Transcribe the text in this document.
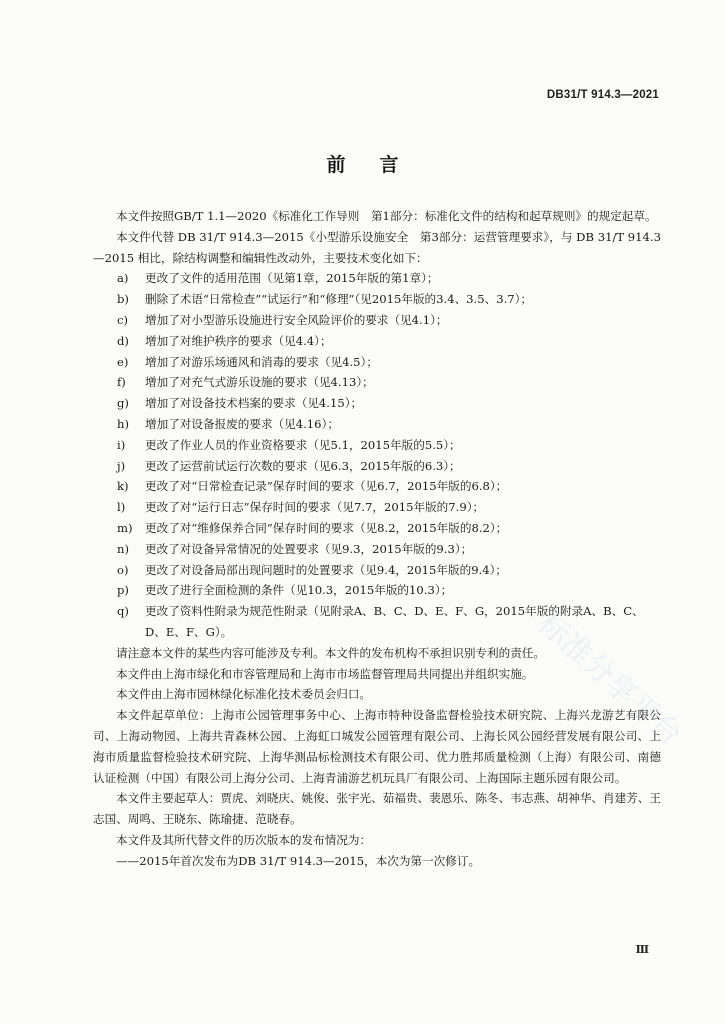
DB31/T 914.3—2021
前言

本文件按照GB/T 1.1—2020《标准化工作导则　第1部分：标准化文件的结构和起草规则》的规定起草。

本文件代替 DB 31/T 914.3—2015《小型游乐设施安全　第3部分：运营管理要求》，与 DB 31/T 914.3—2015 相比，除结构调整和编辑性改动外，主要技术变化如下：

a)	更改了文件的适用范围（见第1章，2015年版的第1章）；
b)	删除了术语“日常检查”“试运行”和“修理”（见2015年版的3.4、3.5、3.7）；
c)	增加了对小型游乐设施进行安全风险评价的要求（见4.1）；
d)	增加了对维护秩序的要求（见4.4）；
e)	增加了对游乐场通风和消毒的要求（见4.5）；
f)	增加了对充气式游乐设施的要求（见4.13）；
g)	增加了对设备技术档案的要求（见4.15）；
h)	增加了对设备报废的要求（见4.16）；
i)	更改了作业人员的作业资格要求（见5.1，2015年版的5.5）；
j)	更改了运营前试运行次数的要求（见6.3，2015年版的6.3）；
k)	更改了对“日常检查记录”保存时间的要求（见6.7，2015年版的6.8）；
l)	更改了对“运行日志”保存时间的要求（见7.7，2015年版的7.9）；
m)	更改了对“维修保养合同”保存时间的要求（见8.2，2015年版的8.2）；
n)	更改了对设备异常情况的处置要求（见9.3，2015年版的9.3）；
o)	更改了对设备局部出现问题时的处置要求（见9.4，2015年版的9.4）；
p)	更改了进行全面检测的条件（见10.3，2015年版的10.3）；
q)	更改了资料性附录为规范性附录（见附录A、B、C、D、E、F、G，2015年版的附录A、B、C、D、E、F、G）。

请注意本文件的某些内容可能涉及专利。本文件的发布机构不承担识别专利的责任。

本文件由上海市绿化和市容管理局和上海市市场监督管理局共同提出并组织实施。

本文件由上海市园林绿化标准化技术委员会归口。

本文件起草单位：上海市公园管理事务中心、上海市特种设备监督检验技术研究院、上海兴龙游艺有限公司、上海动物园、上海共青森林公园、上海虹口城发公园管理有限公司、上海长风公园经营发展有限公司、上海市质量监督检验技术研究院、上海华测品标检测技术有限公司、优力胜邦质量检测（上海）有限公司、南德认证检测（中国）有限公司上海分公司、上海青浦游艺机玩具厂有限公司、上海国际主题乐园有限公司。

本文件主要起草人：贾虎、刘晓庆、姚俊、张宇光、茹福贵、裴恩乐、陈冬、韦志燕、胡神华、肖建芳、王志国、周鸣、王晓东、陈瑜捷、范晓春。

本文件及其所代替文件的历次版本的发布情况为：

——2015年首次发布为DB 31/T 914.3—2015，本次为第一次修订。

标准分享平台
Ⅲ
